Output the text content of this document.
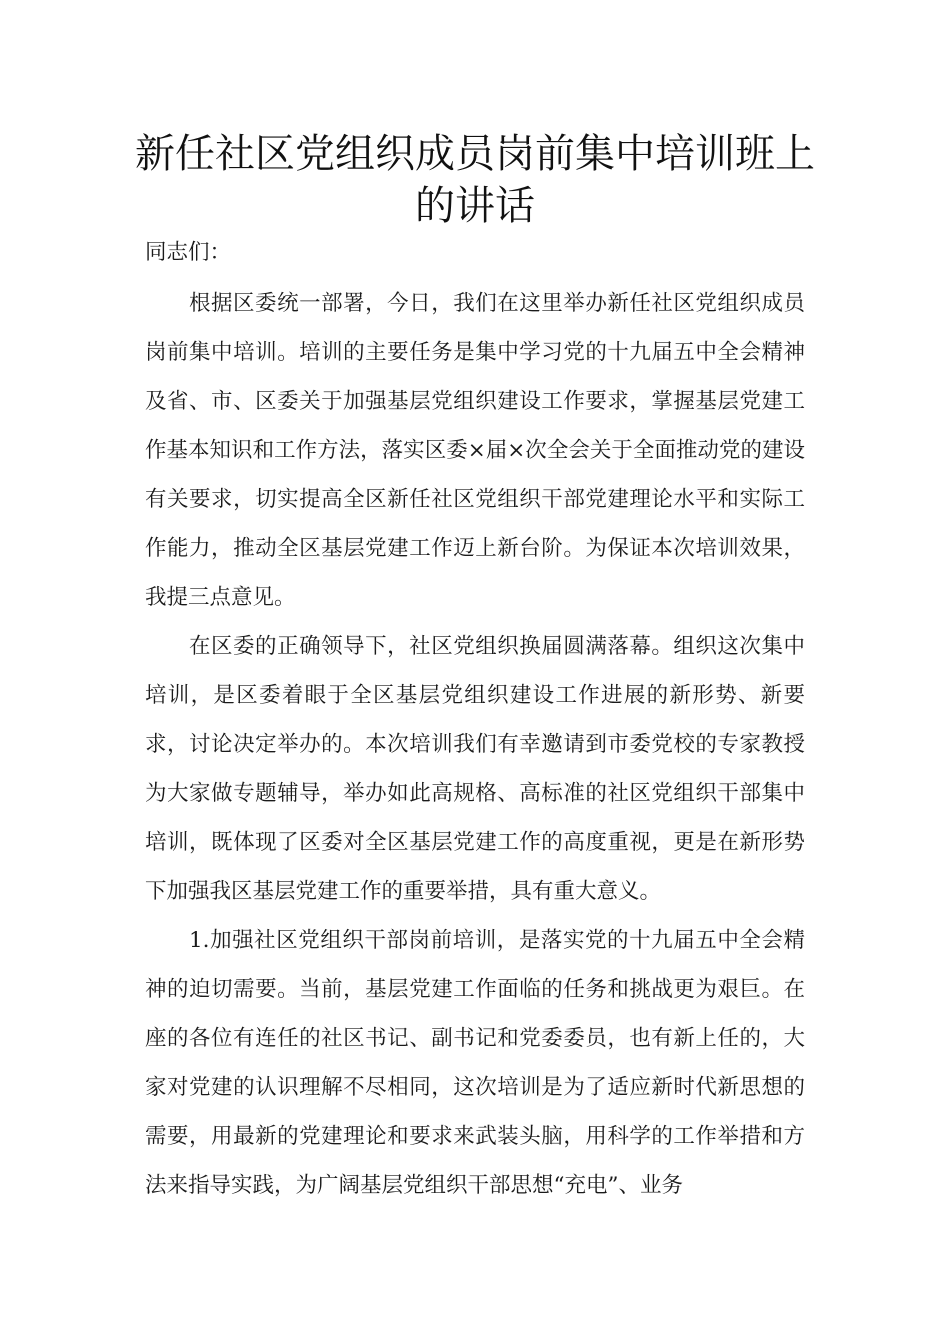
新任社区党组织成员岗前集中培训班上
的讲话

同志们：

根据区委统一部署，今日，我们在这里举办新任社区党组织成员岗前集中培训。培训的主要任务是集中学习党的十九届五中全会精神及省、市、区委关于加强基层党组织建设工作要求，掌握基层党建工作基本知识和工作方法，落实区委×届×次全会关于全面推动党的建设有关要求，切实提高全区新任社区党组织干部党建理论水平和实际工作能力，推动全区基层党建工作迈上新台阶。为保证本次培训效果，我提三点意见。

在区委的正确领导下，社区党组织换届圆满落幕。组织这次集中培训，是区委着眼于全区基层党组织建设工作进展的新形势、新要求，讨论决定举办的。本次培训我们有幸邀请到市委党校的专家教授为大家做专题辅导，举办如此高规格、高标准的社区党组织干部集中培训，既体现了区委对全区基层党建工作的高度重视，更是在新形势下加强我区基层党建工作的重要举措，具有重大意义。

1.加强社区党组织干部岗前培训，是落实党的十九届五中全会精神的迫切需要。当前，基层党建工作面临的任务和挑战更为艰巨。在座的各位有连任的社区书记、副书记和党委委员，也有新上任的，大家对党建的认识理解不尽相同，这次培训是为了适应新时代新思想的需要，用最新的党建理论和要求来武装头脑，用科学的工作举措和方法来指导实践，为广阔基层党组织干部思想“充电”、业务
